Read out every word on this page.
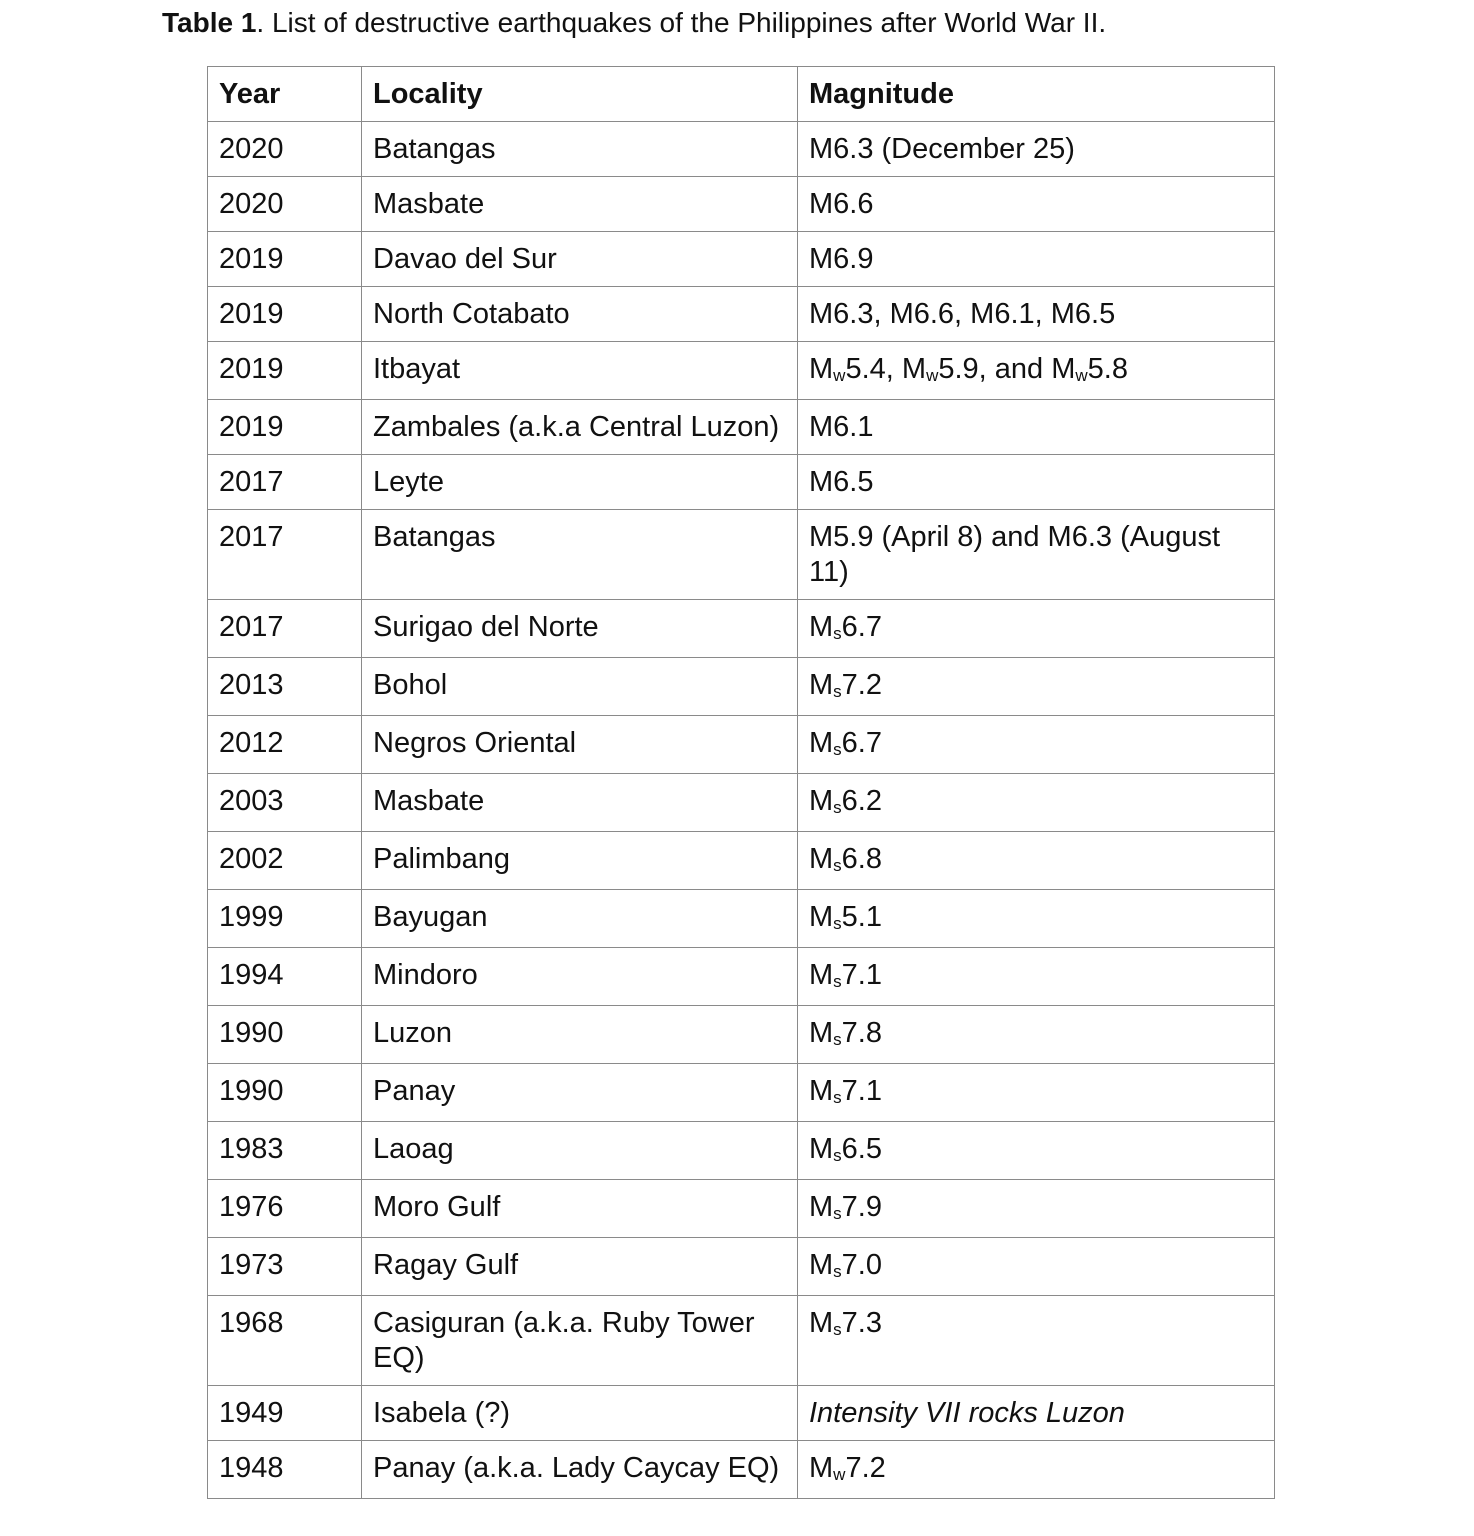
Table 1. List of destructive earthquakes of the Philippines after World War II.
Year	Locality	Magnitude
2020	Batangas	M6.3 (December 25)
2020	Masbate	M6.6
2019	Davao del Sur	M6.9
2019	North Cotabato	M6.3, M6.6, M6.1, M6.5
2019	Itbayat	Mw5.4, Mw5.9, and Mw5.8
2019	Zambales (a.k.a Central Luzon)	M6.1
2017	Leyte	M6.5
2017	Batangas	M5.9 (April 8) and M6.3 (August 11)
2017	Surigao del Norte	Ms6.7
2013	Bohol	Ms7.2
2012	Negros Oriental	Ms6.7
2003	Masbate	Ms6.2
2002	Palimbang	Ms6.8
1999	Bayugan	Ms5.1
1994	Mindoro	Ms7.1
1990	Luzon	Ms7.8
1990	Panay	Ms7.1
1983	Laoag	Ms6.5
1976	Moro Gulf	Ms7.9
1973	Ragay Gulf	Ms7.0
1968	Casiguran (a.k.a. Ruby Tower EQ)	Ms7.3
1949	Isabela (?)	Intensity VII rocks Luzon
1948	Panay (a.k.a. Lady Caycay EQ)	Mw7.2
